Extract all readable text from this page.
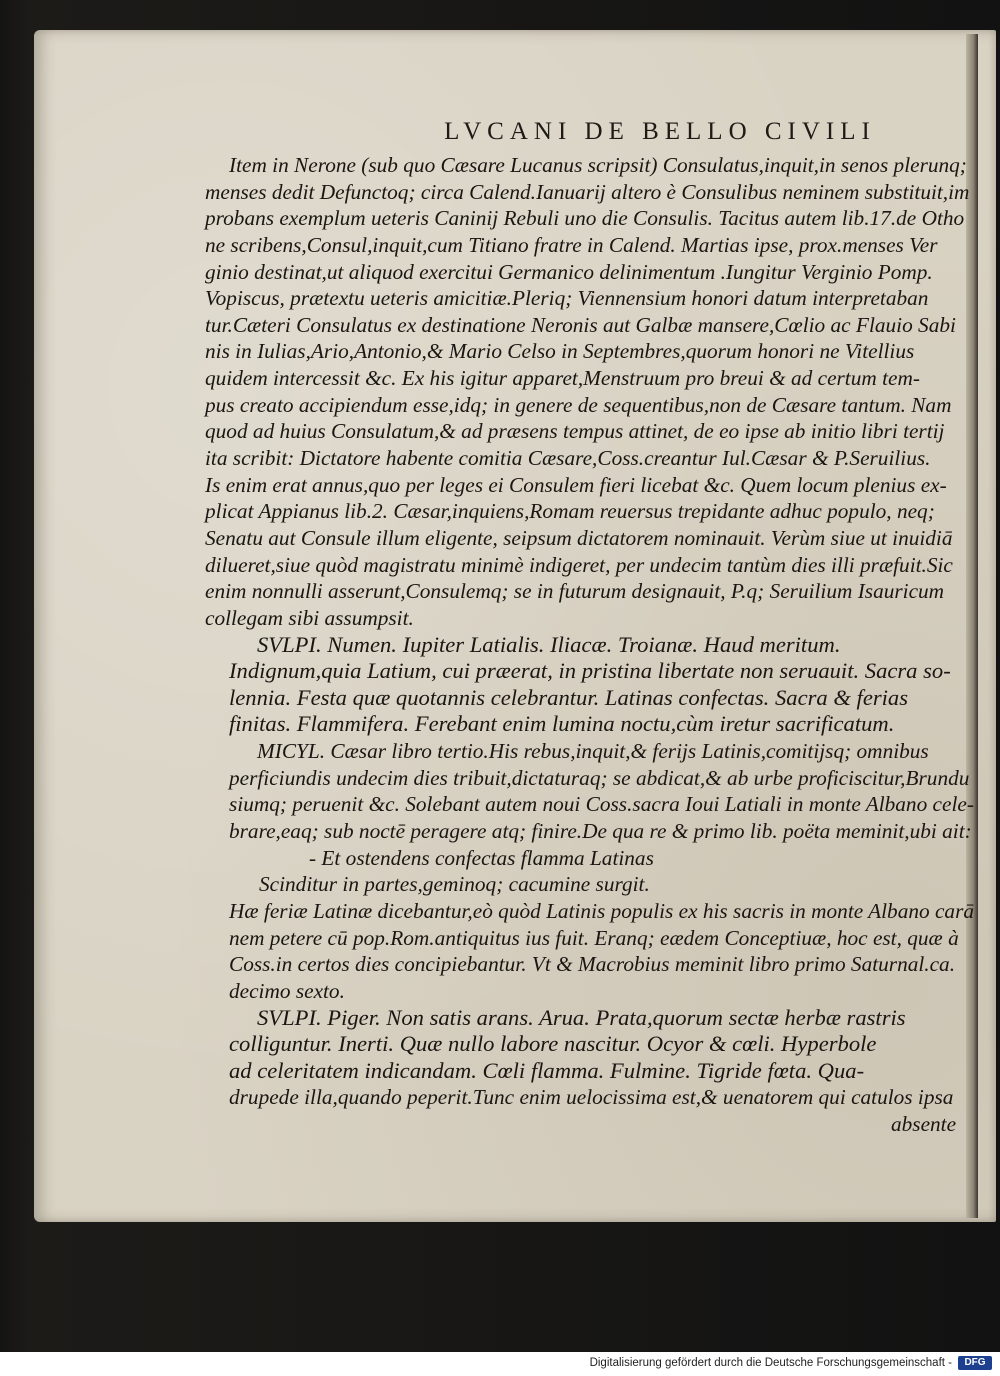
LVCANI DE BELLO CIVILI
Item in Nerone (sub quo Cæsare Lucanus scripsit) Consulatus,inquit,in senos plerunq;
menses dedit Defunctoq; circa Calend.Ianuarij altero è Consulibus neminem substituit,im
probans exemplum ueteris Caninij Rebuli uno die Consulis. Tacitus autem lib.17.de Otho
ne scribens,Consul,inquit,cum Titiano fratre in Calend. Martias ipse, prox.menses Ver
ginio destinat,ut aliquod exercitui Germanico delinimentum .Iungitur Verginio Pomp.
Vopiscus, prætextu ueteris amicitiæ.Pleriq; Viennensium honori datum interpretaban
tur.Cæteri Consulatus ex destinatione Neronis aut Galbæ mansere,Cœlio ac Flauio Sabi
nis in Iulias,Ario,Antonio,& Mario Celso in Septembres,quorum honori ne Vitellius
quidem intercessit &c. Ex his igitur apparet,Menstruum pro breui & ad certum tem-
pus creato accipiendum esse,idq; in genere de sequentibus,non de Cæsare tantum. Nam
quod ad huius Consulatum,& ad præsens tempus attinet, de eo ipse ab initio libri tertij
ita scribit: Dictatore habente comitia Cæsare,Coss.creantur Iul.Cæsar & P.Seruilius.
Is enim erat annus,quo per leges ei Consulem fieri licebat &c. Quem locum plenius ex-
plicat Appianus lib.2. Cæsar,inquiens,Romam reuersus trepidante adhuc populo, neq;
Senatu aut Consule illum eligente, seipsum dictatorem nominauit. Verùm siue ut inuidiā
dilueret,siue quòd magistratu minimè indigeret, per undecim tantùm dies illi præfuit.Sic
enim nonnulli asserunt,Consulemq; se in futurum designauit, P.q; Seruilium Isauricum
collegam sibi assumpsit.
SVLPI. Numen. Iupiter Latialis. Iliacæ. Troianæ. Haud meritum.
Indignum,quia Latium, cui præerat, in pristina libertate non seruauit. Sacra so-
lennia. Festa quæ quotannis celebrantur. Latinas confectas. Sacra & ferias
finitas. Flammifera. Ferebant enim lumina noctu,cùm iretur sacrificatum.
MICYL. Cæsar libro tertio.His rebus,inquit,& ferijs Latinis,comitijsq; omnibus
perficiundis undecim dies tribuit,dictaturaq; se abdicat,& ab urbe proficiscitur,Brundu
siumq; peruenit &c. Solebant autem noui Coss.sacra Ioui Latiali in monte Albano cele-
brare,eaq; sub noctē peragere atq; finire.De qua re & primo lib. poëta meminit,ubi ait:
- Et ostendens confectas flamma Latinas
Scinditur in partes,geminoq; cacumine surgit.
Hæ feriæ Latinæ dicebantur,eò quòd Latinis populis ex his sacris in monte Albano carā
nem petere cū pop.Rom.antiquitus ius fuit. Eranq; eædem Conceptiuæ, hoc est, quæ à
Coss.in certos dies concipiebantur. Vt & Macrobius meminit libro primo Saturnal.ca.
decimo sexto.
SVLPI. Piger. Non satis arans. Arua. Prata,quorum sectæ herbæ rastris
colliguntur. Inerti. Quæ nullo labore nascitur. Ocyor & cœli. Hyperbole
ad celeritatem indicandam. Cœli flamma. Fulmine. Tigride fœta. Qua-
drupede illa,quando peperit.Tunc enim uelocissima est,& uenatorem qui catulos ipsa
absente
Digitalisierung gefördert durch die Deutsche Forschungsgemeinschaft -	DFG
